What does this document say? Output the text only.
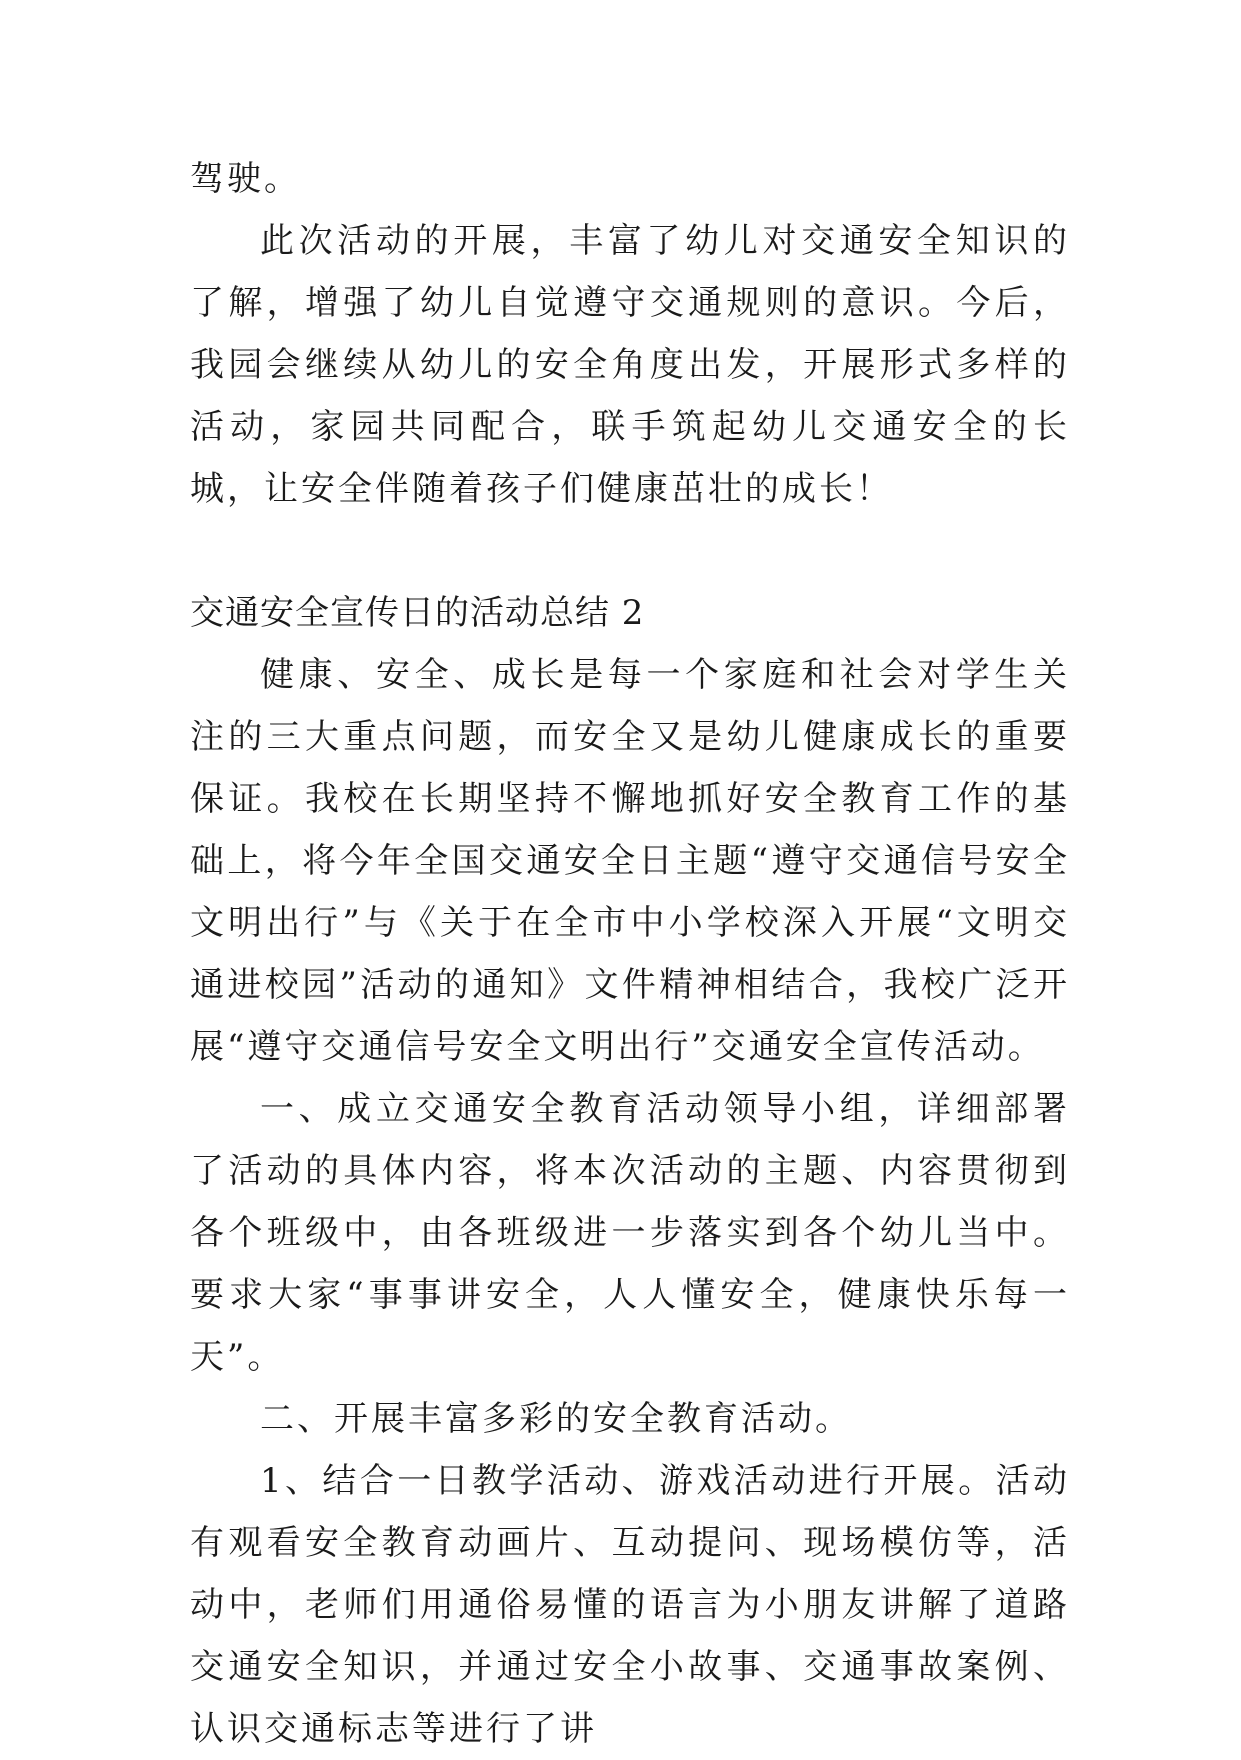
驾驶。

此次活动的开展，丰富了幼儿对交通安全知识的了解，增强了幼儿自觉遵守交通规则的意识。今后，我园会继续从幼儿的安全角度出发，开展形式多样的活动，家园共同配合，联手筑起幼儿交通安全的长城，让安全伴随着孩子们健康茁壮的成长！

交通安全宣传日的活动总结 2

健康、安全、成长是每一个家庭和社会对学生关注的三大重点问题，而安全又是幼儿健康成长的重要保证。我校在长期坚持不懈地抓好安全教育工作的基础上，将今年全国交通安全日主题“遵守交通信号安全文明出行”与《关于在全市中小学校深入开展“文明交通进校园”活动的通知》文件精神相结合，我校广泛开展“遵守交通信号安全文明出行”交通安全宣传活动。

一、成立交通安全教育活动领导小组，详细部署了活动的具体内容，将本次活动的主题、内容贯彻到各个班级中，由各班级进一步落实到各个幼儿当中。要求大家“事事讲安全，人人懂安全，健康快乐每一天”。

二、开展丰富多彩的安全教育活动。

1、结合一日教学活动、游戏活动进行开展。活动有观看安全教育动画片、互动提问、现场模仿等，活动中，老师们用通俗易懂的语言为小朋友讲解了道路交通安全知识，并通过安全小故事、交通事故案例、认识交通标志等进行了讲
